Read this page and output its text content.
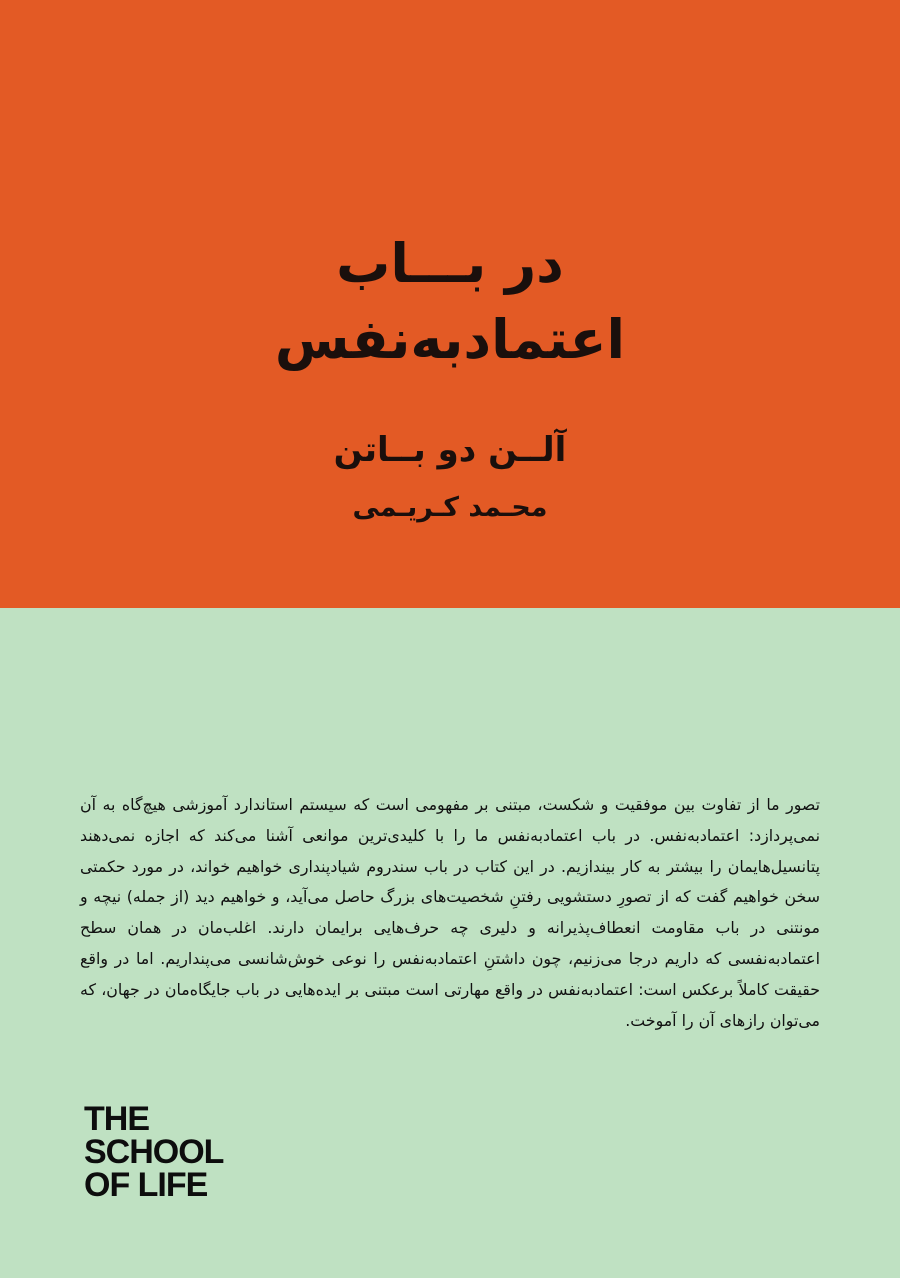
در بـــاب
اعتمادبه‌نفس
آلــن دو بــاتن
محـمد کـریـمی
تصور ما از تفاوت بین موفقیت و شکست، مبتنی بر مفهومی است که سیستم استاندارد آموزشی هیچ‌گاه به آن نمی‌پردازد: اعتمادبه‌نفس. در باب اعتمادبه‌نفس ما را با کلیدی‌ترین موانعی آشنا می‌کند که اجازه نمی‌دهند پتانسیل‌هایمان را بیشتر به کار بیندازیم. در این کتاب در باب سندروم شیادپنداری خواهیم خواند، در مورد حکمتی سخن خواهیم گفت که از تصورِ دستشویی رفتنِ شخصیت‌های بزرگ حاصل می‌آید، و خواهیم دید (از جمله) نیچه و مونتنی در باب مقاومت انعطاف‌پذیرانه و دلیری چه حرف‌هایی برایمان دارند. اغلب‌مان در همان سطح اعتمادبه‌نفسی که داریم درجا می‌زنیم، چون داشتنِ اعتمادبه‌نفس را نوعی خوش‌شانسی می‌پنداریم. اما در واقع حقیقت کاملاً برعکس است: اعتمادبه‌نفس در واقع مهارتی است مبتنی بر ایده‌هایی در باب جایگاه‌مان در جهان، که می‌توان رازهای آن را آموخت.
THE
SCHOOL
OF LIFE
